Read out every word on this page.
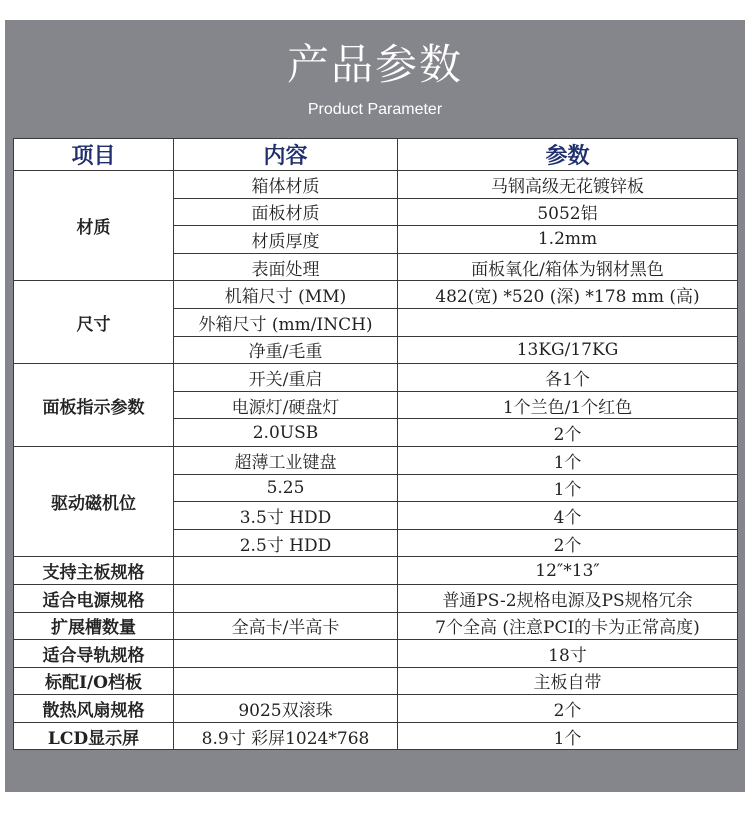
产品参数
Product Parameter
项目	内容	参数
材质	箱体材质	马钢高级无花镀锌板
	面板材质	5052铝
	材质厚度	1.2mm
	表面处理	面板氧化/箱体为钢材黑色
尺寸	机箱尺寸 (MM)	482(宽) *520 (深) *178 mm (高)
	外箱尺寸 (mm/INCH)	
	净重/毛重	13KG/17KG
面板指示参数	开关/重启	各1个
	电源灯/硬盘灯	1个兰色/1个红色
	2.0USB	2个
驱动磁机位	超薄工业键盘	1个
	5.25	1个
	3.5寸 HDD	4个
	2.5寸 HDD	2个
支持主板规格		12″*13″
适合电源规格		普通PS-2规格电源及PS规格冗余
扩展槽数量	全高卡/半高卡	7个全高 (注意PCI的卡为正常高度)
适合导轨规格		18寸
标配I/O档板		主板自带
散热风扇规格	9025双滚珠	2个
LCD显示屏	8.9寸 彩屏1024*768	1个
